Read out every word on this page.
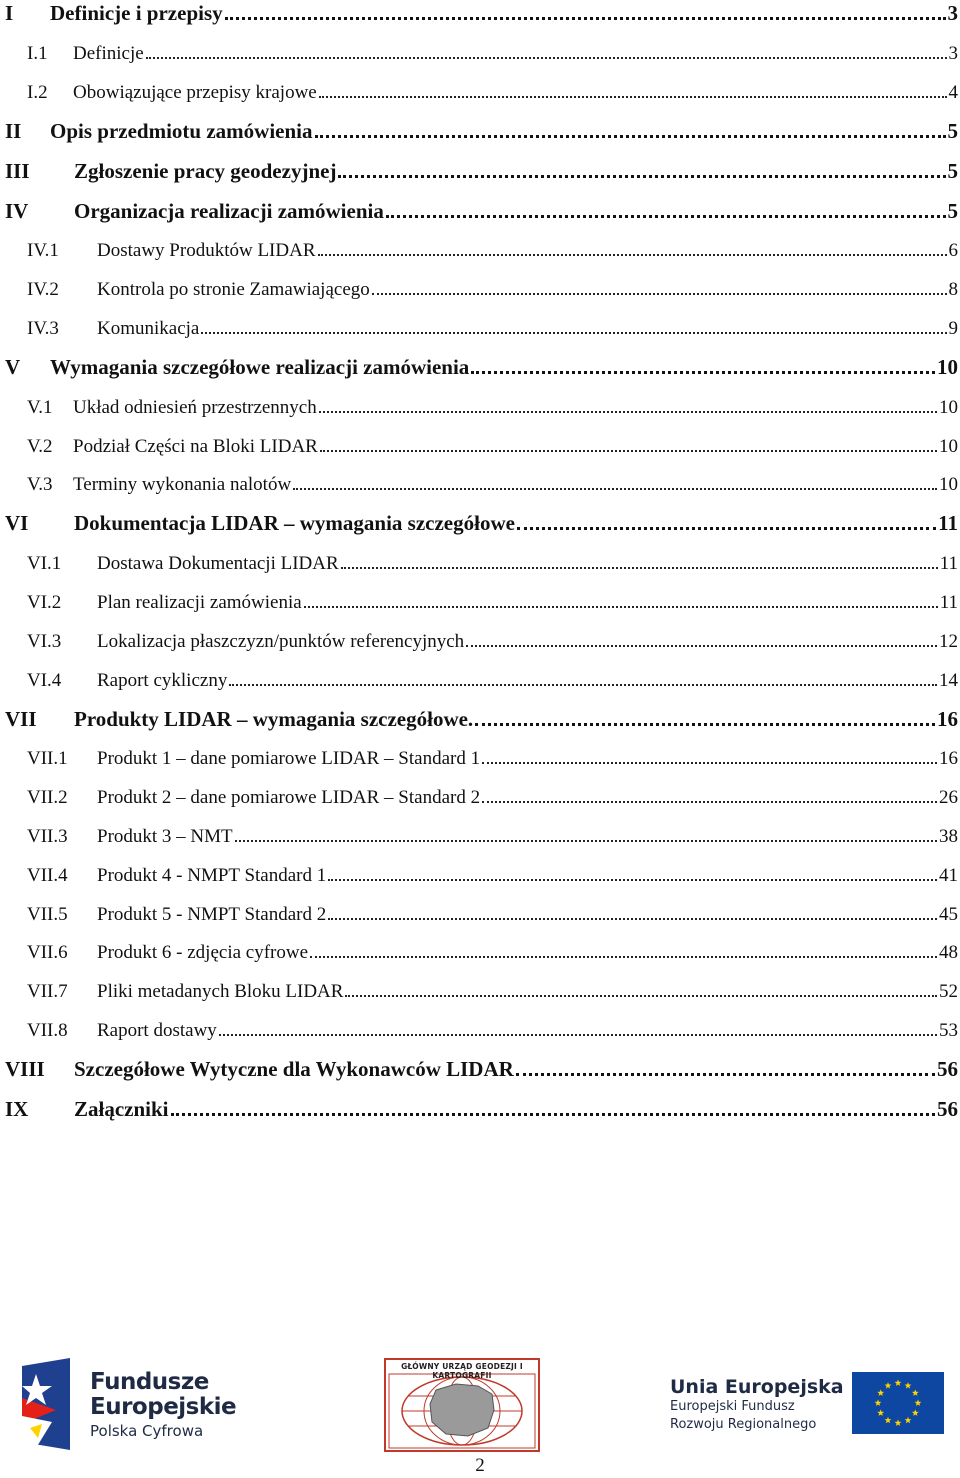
I	Definicje i przepisy	3
I.1	Definicje	3
I.2	Obowiązujące przepisy krajowe	4
II	Opis przedmiotu zamówienia	5
III	Zgłoszenie pracy geodezyjnej	5
IV	Organizacja realizacji zamówienia	5
IV.1	Dostawy Produktów LIDAR	6
IV.2	Kontrola po stronie Zamawiającego	8
IV.3	Komunikacja	9
V	Wymagania szczegółowe realizacji zamówienia	10
V.1	Układ odniesień przestrzennych	10
V.2	Podział Części na Bloki LIDAR	10
V.3	Terminy wykonania nalotów	10
VI	Dokumentacja LIDAR – wymagania szczegółowe	11
VI.1	Dostawa Dokumentacji LIDAR	11
VI.2	Plan realizacji zamówienia	11
VI.3	Lokalizacja płaszczyzn/punktów referencyjnych	12
VI.4	Raport cykliczny	14
VII	Produkty LIDAR – wymagania szczegółowe.	16
VII.1	Produkt 1 – dane pomiarowe LIDAR – Standard 1	16
VII.2	Produkt 2 – dane pomiarowe LIDAR – Standard 2	26
VII.3	Produkt 3 – NMT	38
VII.4	Produkt 4 - NMPT Standard 1	41
VII.5	Produkt 5 - NMPT Standard 2	45
VII.6	Produkt 6 - zdjęcia cyfrowe	48
VII.7	Pliki metadanych Bloku LIDAR	52
VII.8	Raport dostawy	53
VIII	Szczegółowe Wytyczne dla Wykonawców LIDAR	56
IX	Załączniki	56
Fundusze
Europejskie
Polska Cyfrowa
GŁÓWNY URZĄD GEODEZJI I KARTOGRAFII
Unia Europejska
Europejski Fundusz
Rozwoju Regionalnego
2
